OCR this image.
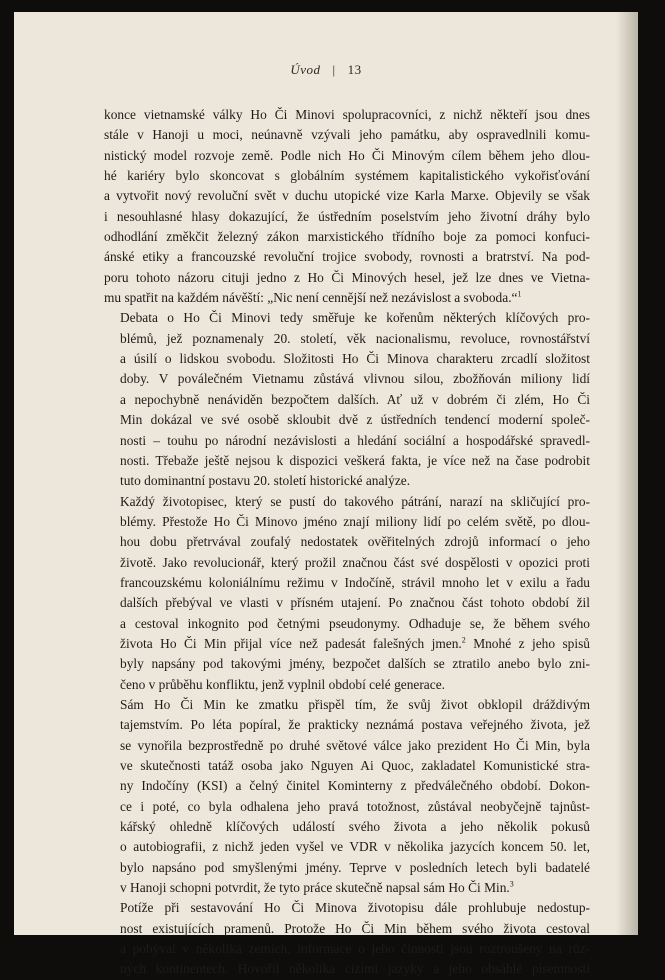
Úvod | 13

konce vietnamské války Ho Či Minovi spolupracovníci, z nichž někteří jsou dnes
stále v Hanoji u moci, neúnavně vzývali jeho památku, aby ospravedlnili komu-
nistický model rozvoje země. Podle nich Ho Či Minovým cílem během jeho dlou-
hé kariéry bylo skoncovat s globálním systémem kapitalistického vykořisťování
a vytvořit nový revoluční svět v duchu utopické vize Karla Marxe. Objevily se však
i nesouhlasné hlasy dokazující, že ústředním poselstvím jeho životní dráhy bylo
odhodlání změkčit železný zákon marxistického třídního boje za pomoci konfuci-
ánské etiky a francouzské revoluční trojice svobody, rovnosti a bratrství. Na pod-
poru tohoto názoru cituji jedno z Ho Či Minových hesel, jež lze dnes ve Vietna-
mu spatřit na každém návěští: „Nic není cennější než nezávislost a svoboda.“$^1$

Debata o Ho Či Minovi tedy směřuje ke kořenům některých klíčových pro-
blémů, jež poznamenaly 20. století, věk nacionalismu, revoluce, rovnostářství
a úsilí o lidskou svobodu. Složitosti Ho Či Minova charakteru zrcadlí složitost
doby. V poválečném Vietnamu zůstává vlivnou silou, zbožňován miliony lidí
a nepochybně nenáviděn bezpočtem dalších. Ať už v dobrém či zlém, Ho Či
Min dokázal ve své osobě skloubit dvě z ústředních tendencí moderní společ-
nosti – touhu po národní nezávislosti a hledání sociální a hospodářské spravedl-
nosti. Třebaže ještě nejsou k dispozici veškerá fakta, je více než na čase podrobit
tuto dominantní postavu 20. století historické analýze.

Každý životopisec, který se pustí do takového pátrání, narazí na skličující pro-
blémy. Přestože Ho Či Minovo jméno znají miliony lidí po celém světě, po dlou-
hou dobu přetrvával zoufalý nedostatek ověřitelných zdrojů informací o jeho
životě. Jako revolucionář, který prožil značnou část své dospělosti v opozici proti
francouzskému koloniálnímu režimu v Indočíně, strávil mnoho let v exilu a řadu
dalších přebýval ve vlasti v přísném utajení. Po značnou část tohoto období žil
a cestoval inkognito pod četnými pseudonymy. Odhaduje se, že během svého
života Ho Či Min přijal více než padesát falešných jmen.$^2$ Mnohé z jeho spisů
byly napsány pod takovými jmény, bezpočet dalších se ztratilo anebo bylo zni-
čeno v průběhu konfliktu, jenž vyplnil období celé generace.

Sám Ho Či Min ke zmatku přispěl tím, že svůj život obklopil dráždivým
tajemstvím. Po léta popíral, že prakticky neznámá postava veřejného života, jež
se vynořila bezprostředně po druhé světové válce jako prezident Ho Či Min, byla
ve skutečnosti tatáž osoba jako Nguyen Ai Quoc, zakladatel Komunistické stra-
ny Indočíny (KSI) a čelný činitel Kominterny z předválečného období. Dokon-
ce i poté, co byla odhalena jeho pravá totožnost, zůstával neobyčejně tajnůst-
kářský ohledně klíčových událostí svého života a jeho několik pokusů
o autobiografii, z nichž jeden vyšel ve VDR v několika jazycích koncem 50. let,
bylo napsáno pod smyšlenými jmény. Teprve v posledních letech byli badatelé
v Hanoji schopni potvrdit, že tyto práce skutečně napsal sám Ho Či Min.$^3$

Potíže při sestavování Ho Či Minova životopisu dále prohlubuje nedostup-
nost existujících pramenů. Protože Ho Či Min během svého života cestoval
a pobýval v několika zemích, informace o jeho činnosti jsou roztroušeny na růz-
ných kontinentech. Hovořil několika cizími jazyky a jeho obsáhlé písemnosti
